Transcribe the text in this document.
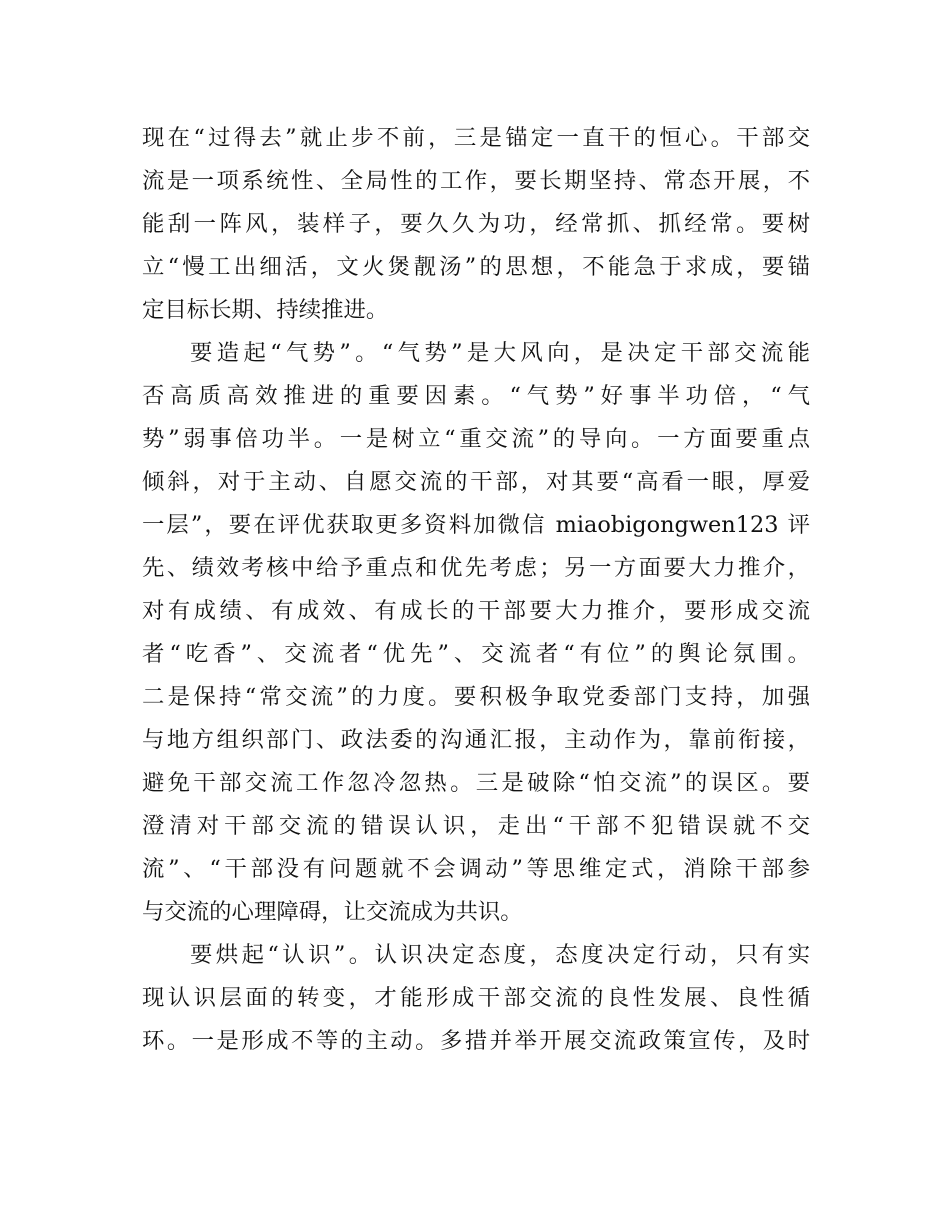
现在“过得去”就止步不前，三是锚定一直干的恒心。干部交
流是一项系统性、全局性的工作，要长期坚持、常态开展，不
能刮一阵风，装样子，要久久为功，经常抓、抓经常。要树
立“慢工出细活，文火煲靓汤”的思想，不能急于求成，要锚
定目标长期、持续推进。
要造起“气势”。“气势”是大风向，是决定干部交流能
否高质高效推进的重要因素。“气势”好事半功倍，“气
势”弱事倍功半。一是树立“重交流”的导向。一方面要重点
倾斜，对于主动、自愿交流的干部，对其要“高看一眼，厚爱
一层”，要在评优获取更多资料加微信 miaobigongwen123 评
先、绩效考核中给予重点和优先考虑；另一方面要大力推介，
对有成绩、有成效、有成长的干部要大力推介，要形成交流
者“吃香”、交流者“优先”、交流者“有位”的舆论氛围。
二是保持“常交流”的力度。要积极争取党委部门支持，加强
与地方组织部门、政法委的沟通汇报，主动作为，靠前衔接，
避免干部交流工作忽冷忽热。三是破除“怕交流”的误区。要
澄清对干部交流的错误认识，走出“干部不犯错误就不交
流”、“干部没有问题就不会调动”等思维定式，消除干部参
与交流的心理障碍，让交流成为共识。
要烘起“认识”。认识决定态度，态度决定行动，只有实
现认识层面的转变，才能形成干部交流的良性发展、良性循
环。一是形成不等的主动。多措并举开展交流政策宣传，及时
